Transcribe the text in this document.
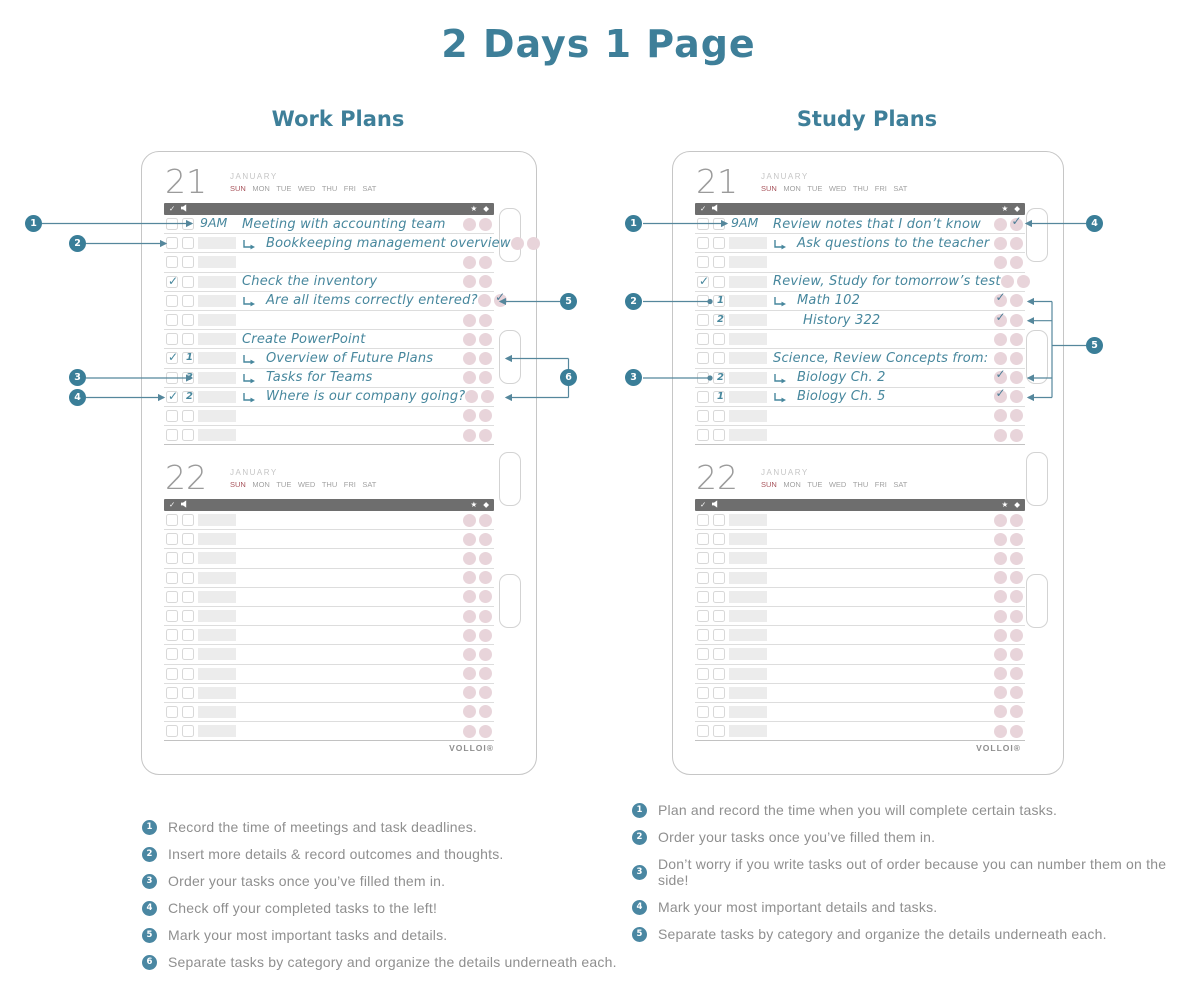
2 Days 1 Page
Work Plans	Study Plans
VOLLOI®
21	JANUARY
SUN MON TUE WED THU FRI SAT
✓	★ ◆
9AM Meeting with accounting team
Bookkeeping management overview
✓	Check the inventory
Are all items correctly entered? ✓
Create PowerPoint
✓ 1	Overview of Future Plans
3	Tasks for Teams
✓ 2	Where is our company going?
22	JANUARY
SUN MON TUE WED THU FRI SAT
✓	★ ◆
VOLLOI®
21	JANUARY
SUN MON TUE WED THU FRI SAT
✓	★ ◆
9AM Review notes that I don’t know	✓
Ask questions to the teacher
✓	Review, Study for tomorrow’s test
1	Math 102	✓
2	History 322	✓
Science, Review Concepts from:
2	Biology Ch. 2	✓
1	Biology Ch. 5	✓
22	JANUARY
SUN MON TUE WED THU FRI SAT
✓	★ ◆
1
2
3
4
5
6
1
2
3
4
5
1	Record the time of meetings and task deadlines.
2	Insert more details & record outcomes and thoughts.
3	Order your tasks once you’ve filled them in.
4	Check off your completed tasks to the left!
5	Mark your most important tasks and details.
6	Separate tasks by category and organize the details underneath each.
1	Plan and record the time when you will complete certain tasks.
2	Order your tasks once you’ve filled them in.
3	Don’t worry if you write tasks out of order because you can number them on the side!
4	Mark your most important details and tasks.
5	Separate tasks by category and organize the details underneath each.
